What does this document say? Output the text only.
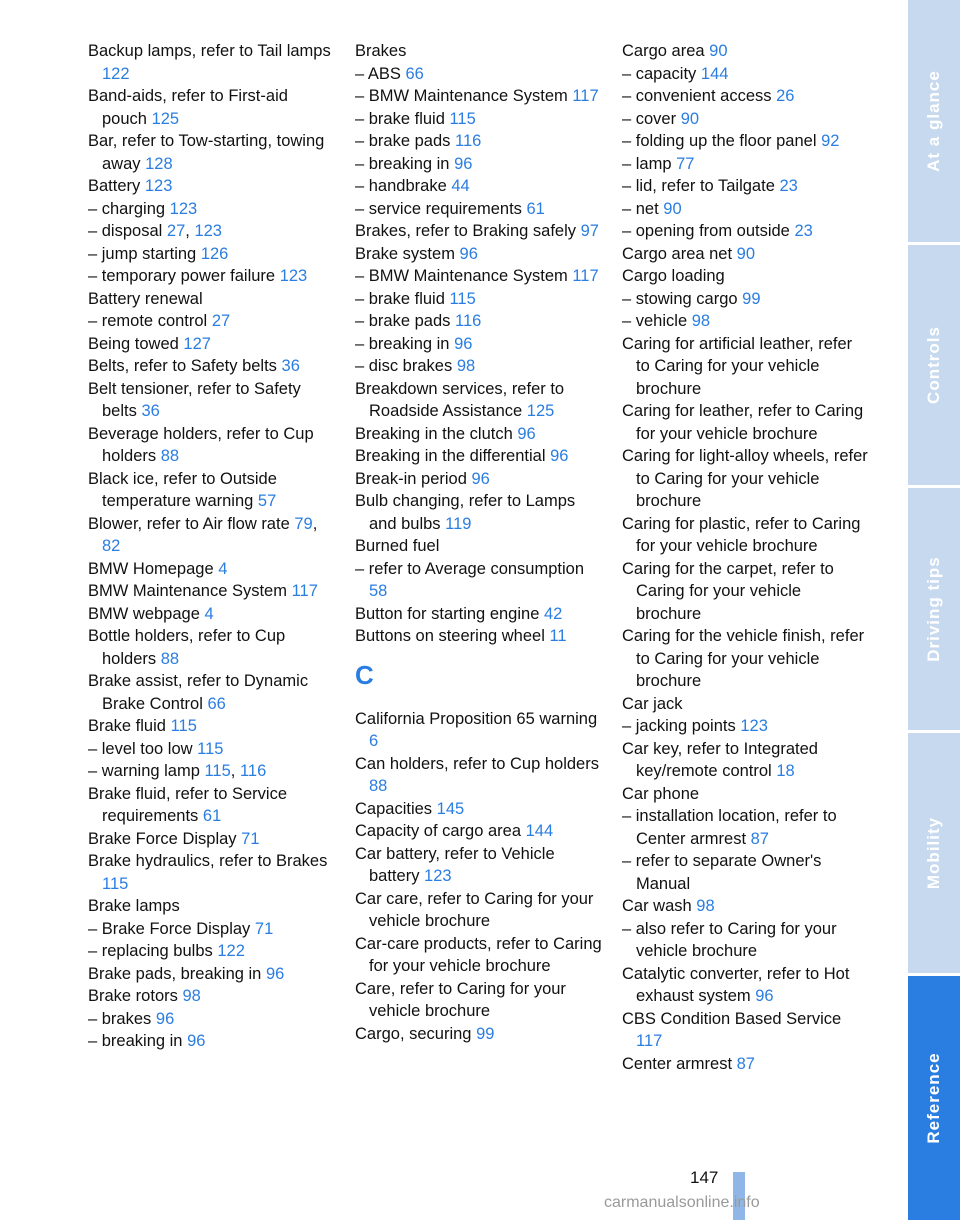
Backup lamps, refer to Tail lamps 122
Band-aids, refer to First-aid pouch 125
Bar, refer to Tow-starting, towing away 128
Battery 123
– charging 123
– disposal 27, 123
– jump starting 126
– temporary power failure 123
Battery renewal
– remote control 27
Being towed 127
Belts, refer to Safety belts 36
Belt tensioner, refer to Safety belts 36
Beverage holders, refer to Cup holders 88
Black ice, refer to Outside temperature warning 57
Blower, refer to Air flow rate 79, 82
BMW Homepage 4
BMW Maintenance System 117
BMW webpage 4
Bottle holders, refer to Cup holders 88
Brake assist, refer to Dynamic Brake Control 66
Brake fluid 115
– level too low 115
– warning lamp 115, 116
Brake fluid, refer to Service requirements 61
Brake Force Display 71
Brake hydraulics, refer to Brakes 115
Brake lamps
– Brake Force Display 71
– replacing bulbs 122
Brake pads, breaking in 96
Brake rotors 98
– brakes 96
– breaking in 96
Brakes
– ABS 66
– BMW Maintenance System 117
– brake fluid 115
– brake pads 116
– breaking in 96
– handbrake 44
– service requirements 61
Brakes, refer to Braking safely 97
Brake system 96
– BMW Maintenance System 117
– brake fluid 115
– brake pads 116
– breaking in 96
– disc brakes 98
Breakdown services, refer to Roadside Assistance 125
Breaking in the clutch 96
Breaking in the differential 96
Break-in period 96
Bulb changing, refer to Lamps and bulbs 119
Burned fuel
– refer to Average consumption 58
Button for starting engine 42
Buttons on steering wheel 11
C
California Proposition 65 warning 6
Can holders, refer to Cup holders 88
Capacities 145
Capacity of cargo area 144
Car battery, refer to Vehicle battery 123
Car care, refer to Caring for your vehicle brochure
Car-care products, refer to Caring for your vehicle brochure
Care, refer to Caring for your vehicle brochure
Cargo, securing 99
Cargo area 90
– capacity 144
– convenient access 26
– cover 90
– folding up the floor panel 92
– lamp 77
– lid, refer to Tailgate 23
– net 90
– opening from outside 23
Cargo area net 90
Cargo loading
– stowing cargo 99
– vehicle 98
Caring for artificial leather, refer to Caring for your vehicle brochure
Caring for leather, refer to Caring for your vehicle brochure
Caring for light-alloy wheels, refer to Caring for your vehicle brochure
Caring for plastic, refer to Caring for your vehicle brochure
Caring for the carpet, refer to Caring for your vehicle brochure
Caring for the vehicle finish, refer to Caring for your vehicle brochure
Car jack
– jacking points 123
Car key, refer to Integrated key/remote control 18
Car phone
– installation location, refer to Center armrest 87
– refer to separate Owner's Manual
Car wash 98
– also refer to Caring for your vehicle brochure
Catalytic converter, refer to Hot exhaust system 96
CBS Condition Based Service 117
Center armrest 87
At a glance
Controls
Driving tips
Mobility
Reference
147
carmanualsonline.info
